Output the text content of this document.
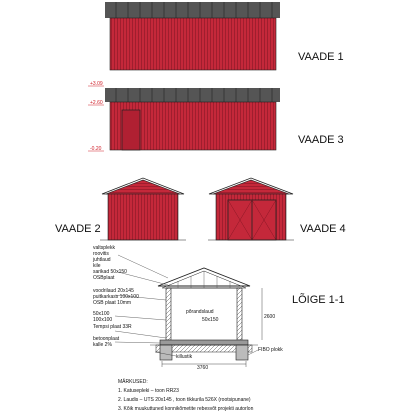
VAADE 1
+3.09
+2.60
-0.20
VAADE 3
VAADE 2	VAADE 4
3760
2600
valtsplekk
roovitis
juhtlaud
kile
sarikad 50x150
OSBplaat
voodrilaud 20x145
puitkarkass 100x100
OSB plaat 10mm
50x100
100x100
Tempsi plaat 33R
betoonplaat
kalle 2%
põrandslaud
50x150
killustik
FIBO plokk
LÕIGE 1-1
MÄRKUSED:
1. Katusepleki – toon RR23
2. Laudis – UTS 20x145 , toon tikkurila 526X (rootsipunane)
3. Kõik muukuttuned konnikõmetite rebesvõt projekti autorlon
